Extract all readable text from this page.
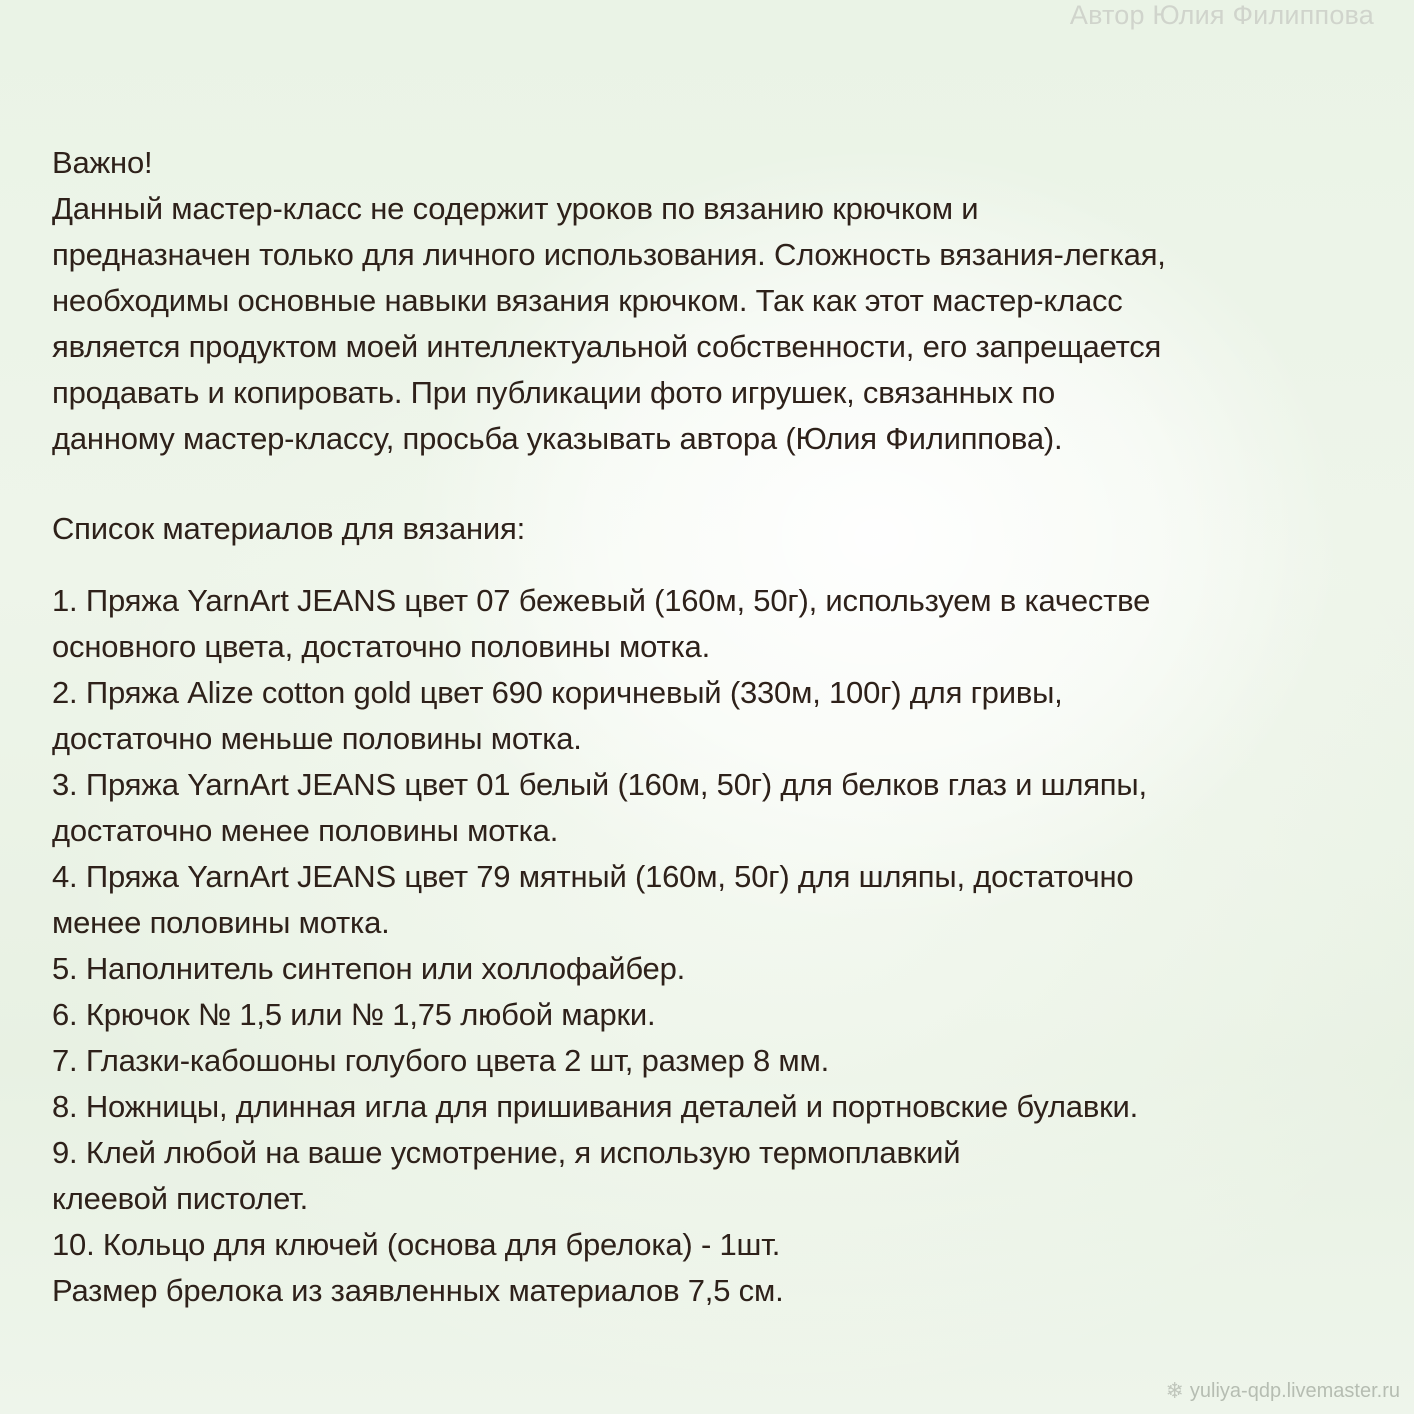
Автор Юлия Филиппова
Важно!
Данный мастер-класс не содержит уроков по вязанию крючком и
предназначен только для личного использования. Сложность вязания-легкая,
необходимы основные навыки вязания крючком. Так как этот мастер-класс
является продуктом моей интеллектуальной собственности, его запрещается
продавать и копировать. При публикации фото игрушек, связанных по
данному мастер-классу, просьба указывать автора (Юлия Филиппова).
Список материалов для вязания:
1. Пряжа YarnArt JEANS цвет 07 бежевый (160м, 50г), используем в качестве
основного цвета, достаточно половины мотка.
2. Пряжа Alize cotton gold цвет 690 коричневый (330м, 100г) для гривы,
достаточно меньше половины мотка.
3. Пряжа YarnArt JEANS цвет 01 белый (160м, 50г) для белков глаз и шляпы,
достаточно менее половины мотка.
4. Пряжа YarnArt JEANS цвет 79 мятный (160м, 50г) для шляпы, достаточно
менее половины мотка.
5. Наполнитель синтепон или холлофайбер.
6. Крючок № 1,5 или № 1,75 любой марки.
7. Глазки-кабошоны голубого цвета 2 шт, размер 8 мм.
8. Ножницы, длинная игла для пришивания деталей и портновские булавки.
9. Клей любой на ваше усмотрение, я использую термоплавкий
клеевой пистолет.
10. Кольцо для ключей (основа для брелока) - 1шт.
Размер брелока из заявленных материалов 7,5 см.
❄ yuliya-qdp.livemaster.ru
